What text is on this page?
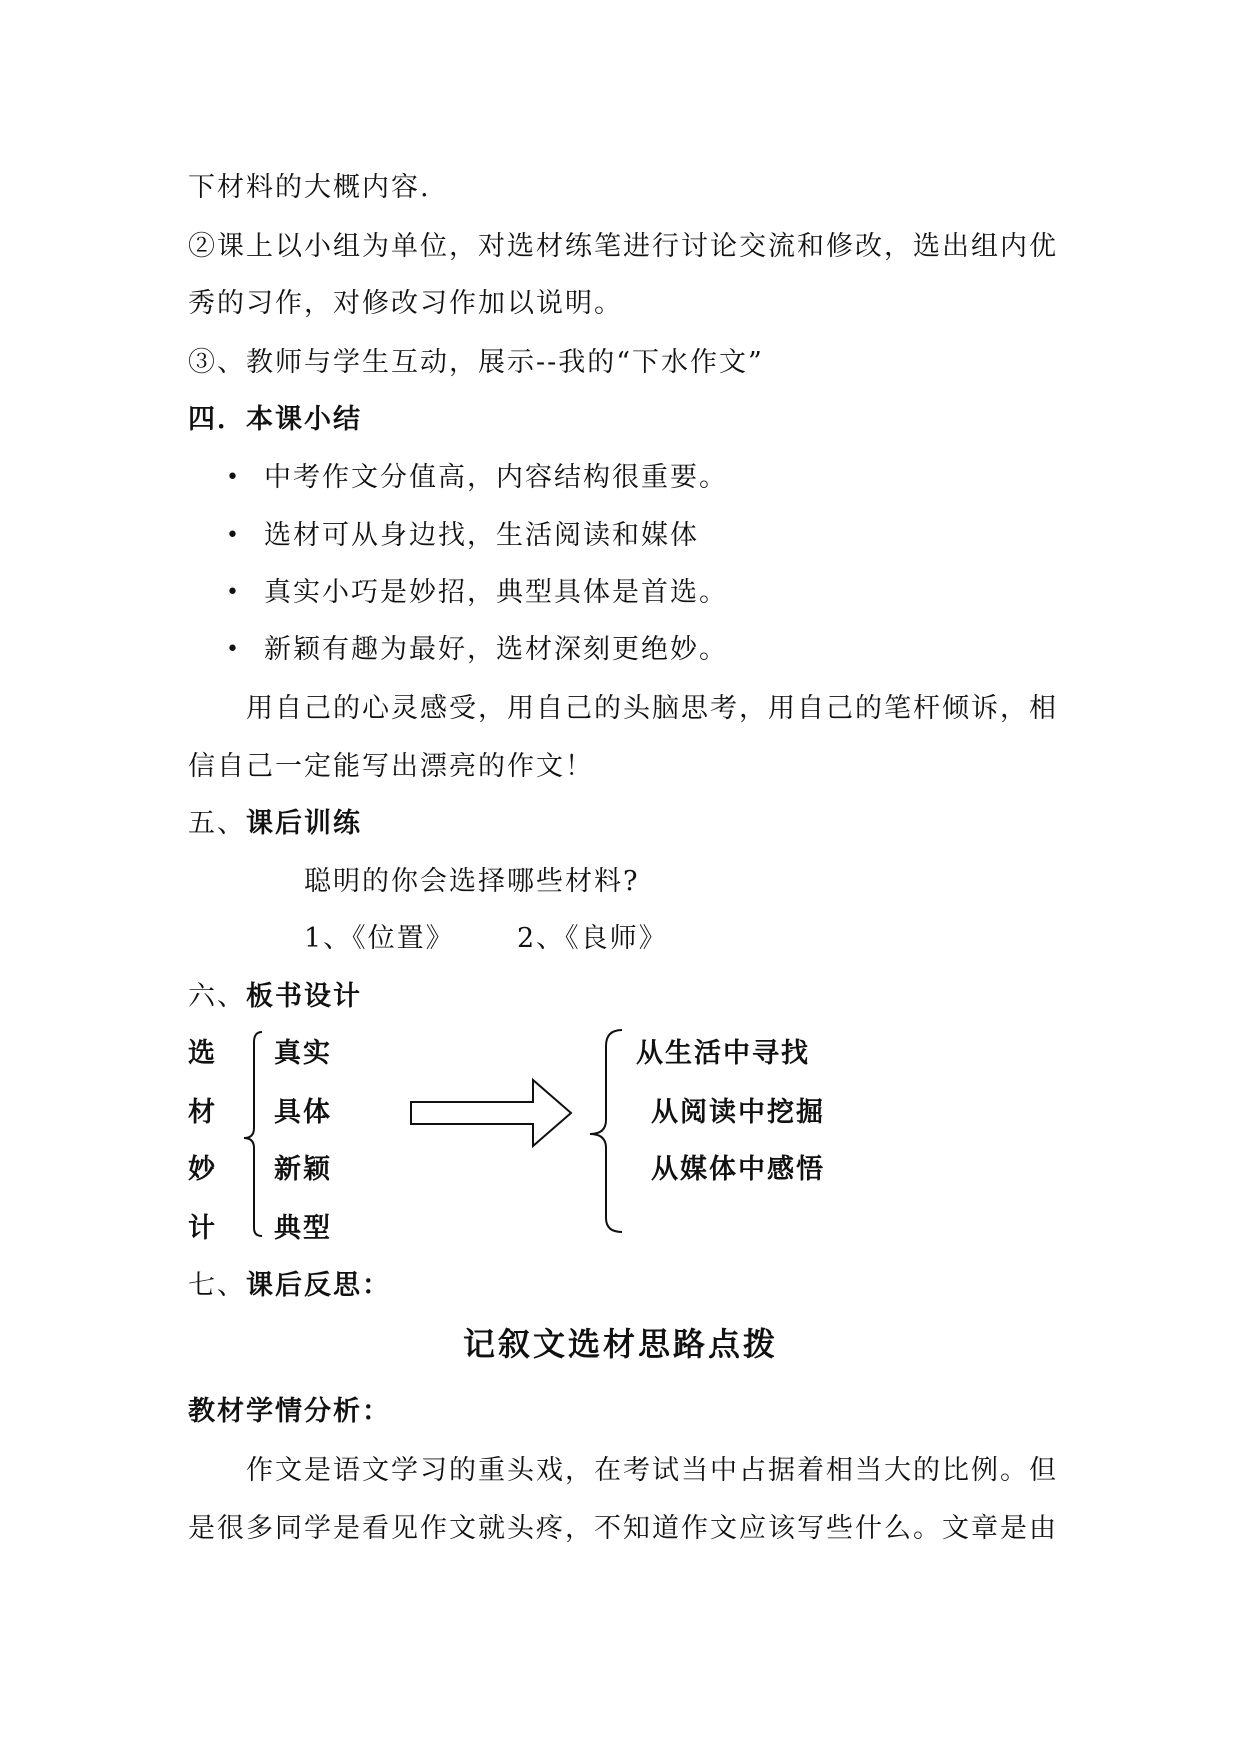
下材料的大概内容.
②课上以小组为单位，对选材练笔进行讨论交流和修改，选出组内优
秀的习作，对修改习作加以说明。
③、教师与学生互动，展示--我的“下水作文”
四．本课小结
• 中考作文分值高，内容结构很重要。
• 选材可从身边找，生活阅读和媒体
• 真实小巧是妙招，典型具体是首选。
• 新颖有趣为最好，选材深刻更绝妙。
用自己的心灵感受，用自己的头脑思考，用自己的笔杆倾诉，相
信自己一定能写出漂亮的作文！
五、课后训练
聪明的你会选择哪些材料?
1、《位置》 2、《良师》
六、板书设计
选
材
妙
计
真实
具体
新颖
典型
从生活中寻找
从阅读中挖掘
从媒体中感悟
七、课后反思：
记叙文选材思路点拨
教材学情分析：
作文是语文学习的重头戏，在考试当中占据着相当大的比例。但
是很多同学是看见作文就头疼，不知道作文应该写些什么。文章是由
